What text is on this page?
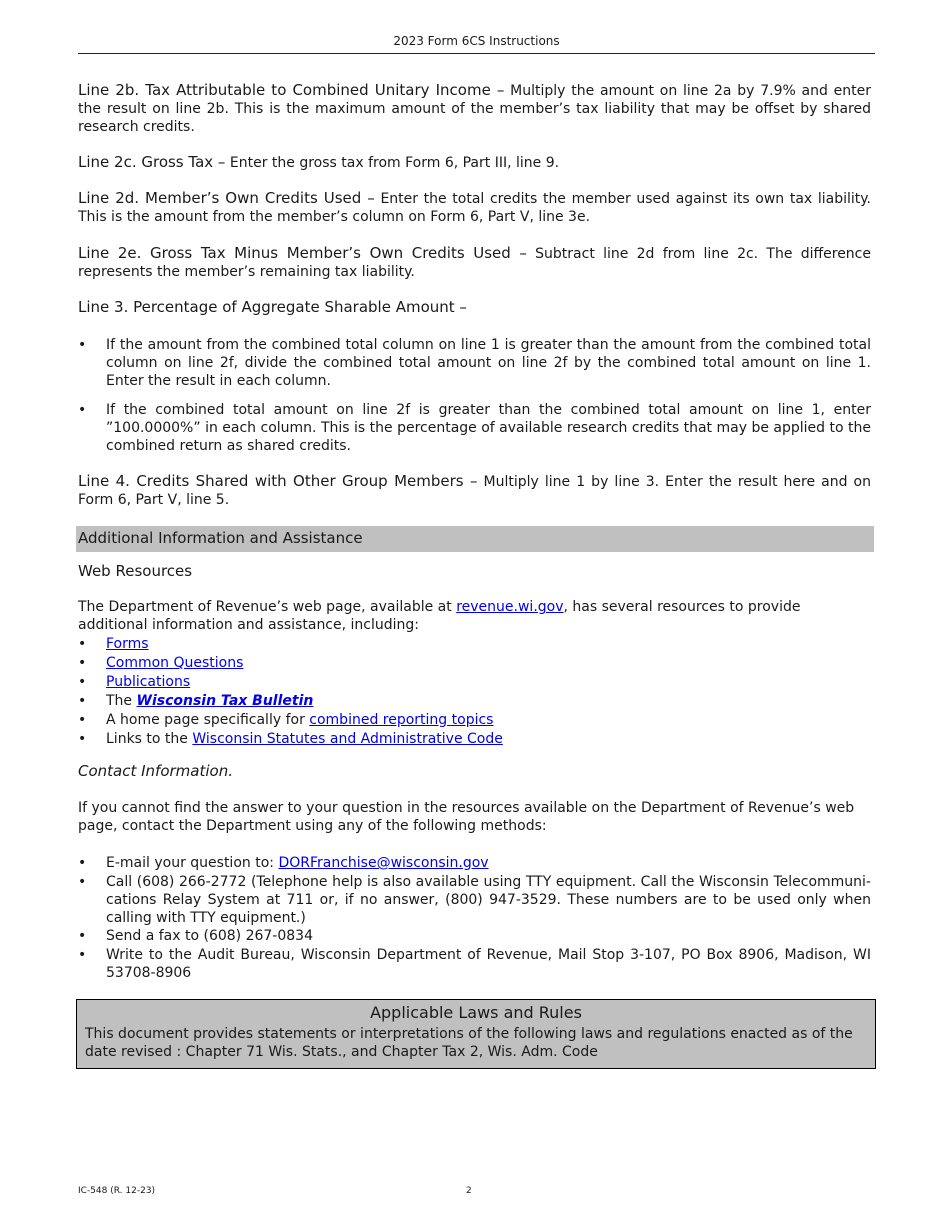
2023 Form 6CS Instructions

Line 2b. Tax Attributable to Combined Unitary Income – Multiply the amount on line 2a by 7.9% and enter the result on line 2b. This is the maximum amount of the member’s tax liability that may be offset by shared research credits.

Line 2c. Gross Tax – Enter the gross tax from Form 6, Part III, line 9.

Line 2d. Member’s Own Credits Used – Enter the total credits the member used against its own tax liability. This is the amount from the member’s column on Form 6, Part V, line 3e.

Line 2e. Gross Tax Minus Member’s Own Credits Used – Subtract line 2d from line 2c. The difference represents the member’s remaining tax liability.

Line 3. Percentage of Aggregate Sharable Amount –

• If the amount from the combined total column on line 1 is greater than the amount from the combined total column on line 2f, divide the combined total amount on line 2f by the combined total amount on line 1. Enter the result in each column.
• If the combined total amount on line 2f is greater than the combined total amount on line 1, enter ”100.0000%” in each column. This is the percentage of available research credits that may be applied to the combined return as shared credits.

Line 4. Credits Shared with Other Group Members – Multiply line 1 by line 3. Enter the result here and on Form 6, Part V, line 5.

Additional Information and Assistance

Web Resources

The Department of Revenue’s web page, available at revenue.wi.gov, has several resources to provide additional information and assistance, including:

• Forms
• Common Questions
• Publications
• The Wisconsin Tax Bulletin
• A home page specifically for combined reporting topics
• Links to the Wisconsin Statutes and Administrative Code

Contact Information.

If you cannot find the answer to your question in the resources available on the Department of Revenue’s web page, contact the Department using any of the following methods:

• E-mail your question to: DORFranchise@wisconsin.gov
• Call (608) 266-2772 (Telephone help is also available using TTY equipment. Call the Wisconsin Telecommuni-cations Relay System at 711 or, if no answer, (800) 947-3529. These numbers are to be used only when calling with TTY equipment.)
• Send a fax to (608) 267-0834
• Write to the Audit Bureau, Wisconsin Department of Revenue, Mail Stop 3-107, PO Box 8906, Madison, WI 53708-8906
Applicable Laws and Rules
This document provides statements or interpretations of the following laws and regulations enacted as of the date revised : Chapter 71 Wis. Stats., and Chapter Tax 2, Wis. Adm. Code
IC-548 (R. 12-23)	2
